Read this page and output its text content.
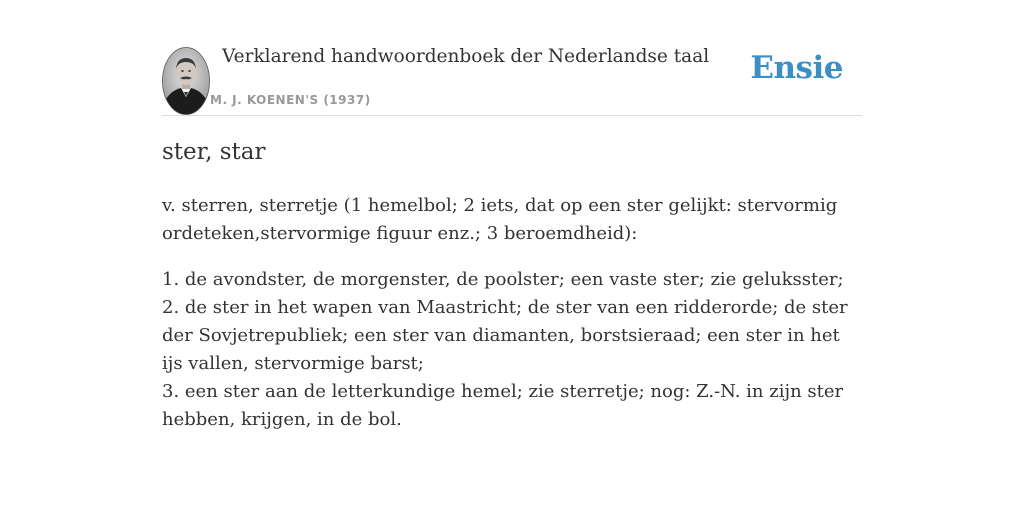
Verklarend handwoordenboek der Nederlandse taal
M. J. KOENEN'S (1937)
Ensie
ster, star

v. sterren, sterretje (1 hemelbol; 2 iets, dat op een ster gelijkt: stervormig ordeteken,stervormige figuur enz.; 3 beroemdheid):

1. de avondster, de morgenster, de poolster; een vaste ster; zie geluksster;

2. de ster in het wapen van Maastricht; de ster van een ridderorde; de ster der Sovjetrepubliek; een ster van diamanten, borstsieraad; een ster in het ijs vallen, stervormige barst;

3. een ster aan de letterkundige hemel; zie sterretje; nog: Z.-N. in zijn ster hebben, krijgen, in de bol.
